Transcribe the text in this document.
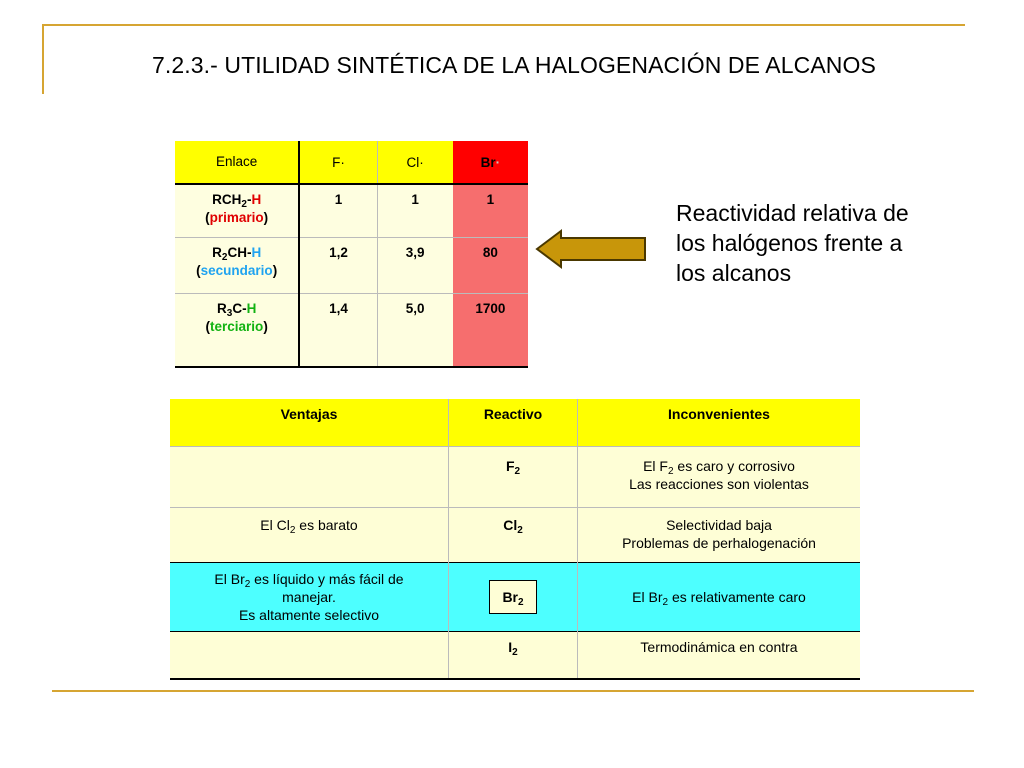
7.2.3.- UTILIDAD SINTÉTICA DE LA HALOGENACIÓN DE ALCANOS
Enlace	F·	Cl·	Br·
$RCH_2-H$
(primario)	1	1	1
$R_2CH-H$
(secundario)	1,2	3,9	80
$R_3C-H$
(terciario)	1,4	5,0	1700
Reactividad relativa de
los halógenos frente a
los alcanos
Ventajas	Reactivo	Inconvenientes
	$F_2$	El $F_2$ es caro y corrosivo
Las reacciones son violentas
El $Cl_2$ es barato	$Cl_2$	Selectividad baja
Problemas de perhalogenación
El $Br_2$ es líquido y más fácil de
manejar.
Es altamente selectivo	$Br_2$	El $Br_2$ es relativamente caro
	$I_2$	Termodinámica en contra
